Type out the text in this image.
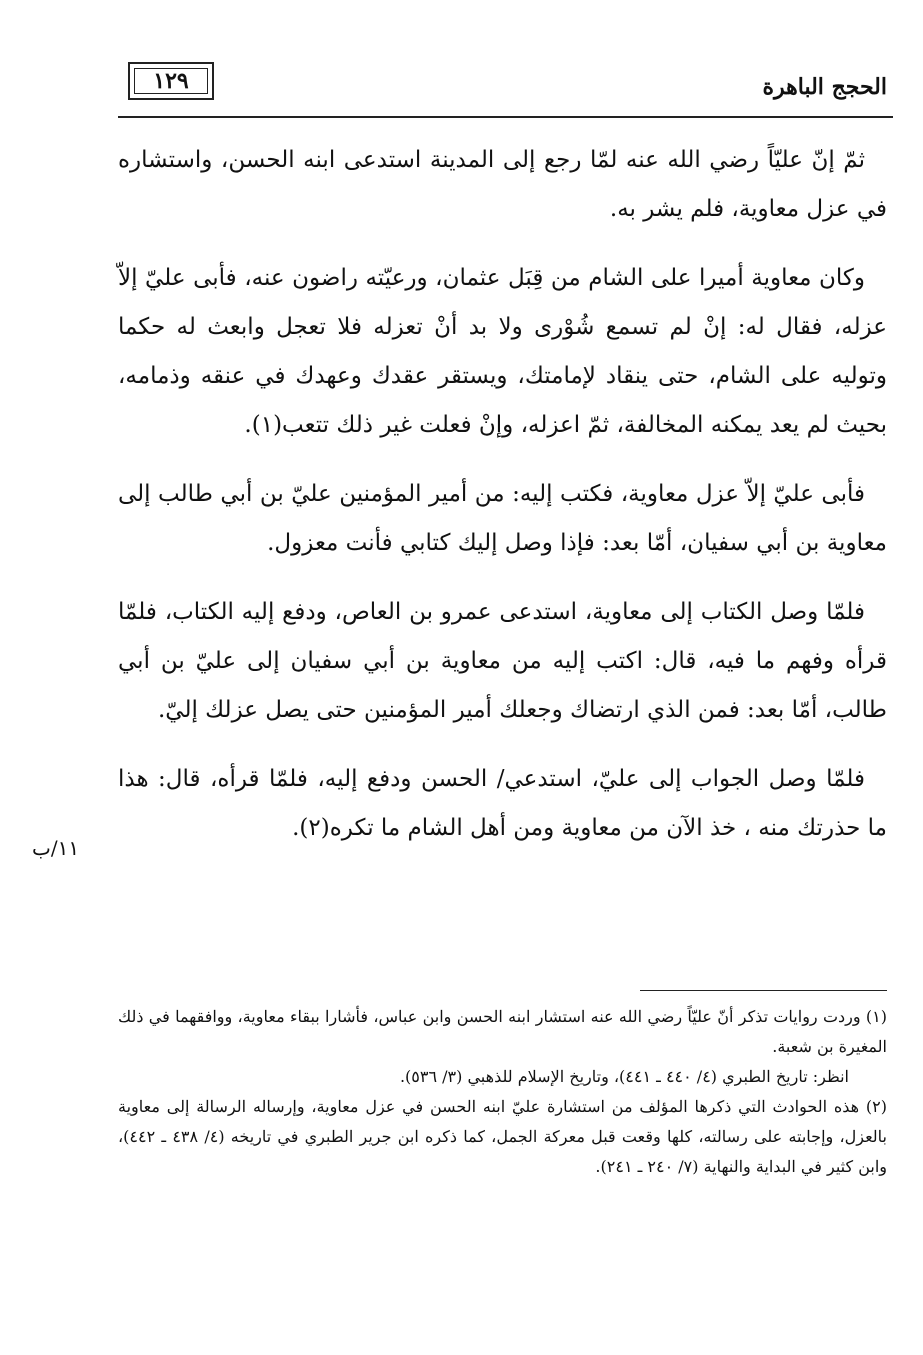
١٢٩	الحجج الباهرة

ثمّ إنّ عليّاً رضي الله عنه لمّا رجع إلى المدينة استدعى ابنه الحسن، واستشاره في عزل معاوية، فلم يشر به.

وكان معاوية أميرا على الشام من قِبَل عثمان، ورعيّته راضون عنه، فأبى عليّ إلاّ عزله، فقال له: إنْ لم تسمع شُوْرى ولا بد أنْ تعزله فلا تعجل وابعث له حكما وتوليه على الشام، حتى ينقاد لإمامتك، ويستقر عقدك وعهدك في عنقه وذمامه، بحيث لم يعد يمكنه المخالفة، ثمّ اعزله، وإنْ فعلت غير ذلك تتعب(١).

فأبى عليّ إلاّ عزل معاوية، فكتب إليه: من أمير المؤمنين عليّ بن أبي طالب إلى معاوية بن أبي سفيان، أمّا بعد: فإذا وصل إليك كتابي فأنت معزول.

فلمّا وصل الكتاب إلى معاوية، استدعى عمرو بن العاص، ودفع إليه الكتاب، فلمّا قرأه وفهم ما فيه، قال: اكتب إليه من معاوية بن أبي سفيان إلى عليّ بن أبي طالب، أمّا بعد: فمن الذي ارتضاك وجعلك أمير المؤمنين حتى يصل عزلك إليّ.

فلمّا وصل الجواب إلى عليّ، استدعي/ الحسن ودفع إليه، فلمّا قرأه، قال: هذا ما حذرتك منه ، خذ الآن من معاوية ومن أهل الشام ما تكره(٢).

١١/ب

(١) وردت روايات تذكر أنّ عليّاً رضي الله عنه استشار ابنه الحسن وابن عباس، فأشارا ببقاء معاوية، ووافقهما في ذلك المغيرة بن شعبة.

انظر: تاريخ الطبري (٤/ ٤٤٠ ـ ٤٤١)، وتاريخ الإسلام للذهبي (٣/ ٥٣٦).

(٢) هذه الحوادث التي ذكرها المؤلف من استشارة عليّ ابنه الحسن في عزل معاوية، وإرساله الرسالة إلى معاوية بالعزل، وإجابته على رسالته، كلها وقعت قبل معركة الجمل، كما ذكره ابن جرير الطبري في تاريخه (٤/ ٤٣٨ ـ ٤٤٢)، وابن كثير في البداية والنهاية (٧/ ٢٤٠ ـ ٢٤١).
